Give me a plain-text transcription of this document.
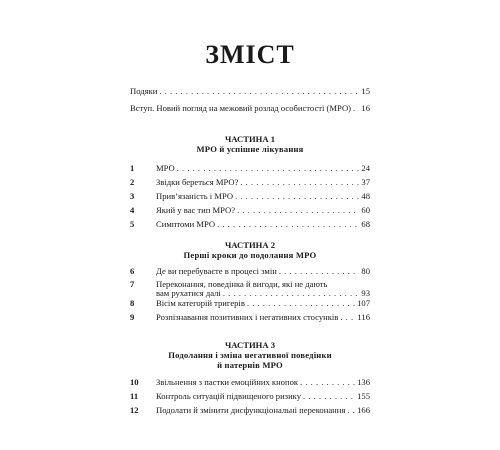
ЗМІСТ
Подяки . . .	15
Вступ. Новий погляд на межовий розлад особистості (МРО) . . . 16
ЧАСТИНА 1
МРО й успішне лікування
1	МРО . . .	24
2	Звідки береться МРО? . . .	37
3	Прив’язаність і МРО . . .	48
4	Який у вас тип МРО? . . .	60
5	Симптоми МРО . . .	68
ЧАСТИНА 2
Перші кроки до подолання МРО
6	Де ви перебуваєте в процесі змін . . .	80
7	Переконання, поведінка й вигоди, які не дають
вам рухатися далі . . .	93
8	Вісім категорій тригерів . . .	107
9	Розпізнавання позитивних і негативних стосунків . . . 116
ЧАСТИНА 3
Подолання і зміна негативної поведінки
й патернів МРО
10	Звільнення з пастки емоційних кнопок . . .	136
11	Контроль ситуацій підвищеного ризику . . .	155
12	Подолати й змінити дисфункціональні переконання . . . 166
